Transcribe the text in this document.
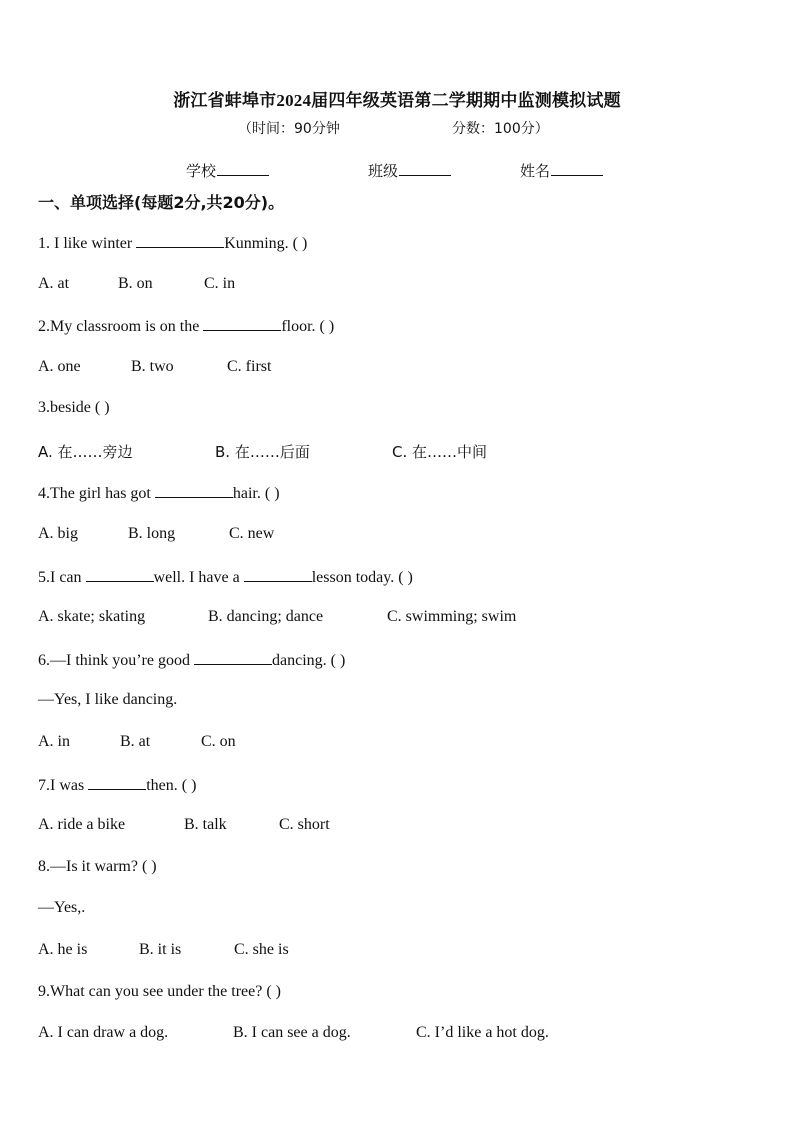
浙江省蚌埠市2024届四年级英语第二学期期中监测模拟试题
（时间：90分钟	分数：100分）
学校	班级	姓名
一、单项选择(每题2分,共20分)。
1. I like winter	Kunming. ( )
A. at	B. on	C. in
2.My classroom is on the	floor. ( )
A. one	B. two	C. first
3.beside ( )
A. 在……旁边	B. 在……后面	C. 在……中间
4.The girl has got	hair. ( )
A. big	B. long	C. new
5.I can	well. I have a	lesson today. ( )
A. skate; skating	B. dancing; dance	C. swimming; swim
6.—I think you’re good	dancing. ( )
—Yes, I like dancing.
A. in	B. at	C. on
7.I was	then. ( )
A. ride a bike	B. talk	C. short
8.—Is it warm? ( )
—Yes,.
A. he is	B. it is	C. she is
9.What can you see under the tree? ( )
A. I can draw a dog.	B. I can see a dog.	C. I’d like a hot dog.
